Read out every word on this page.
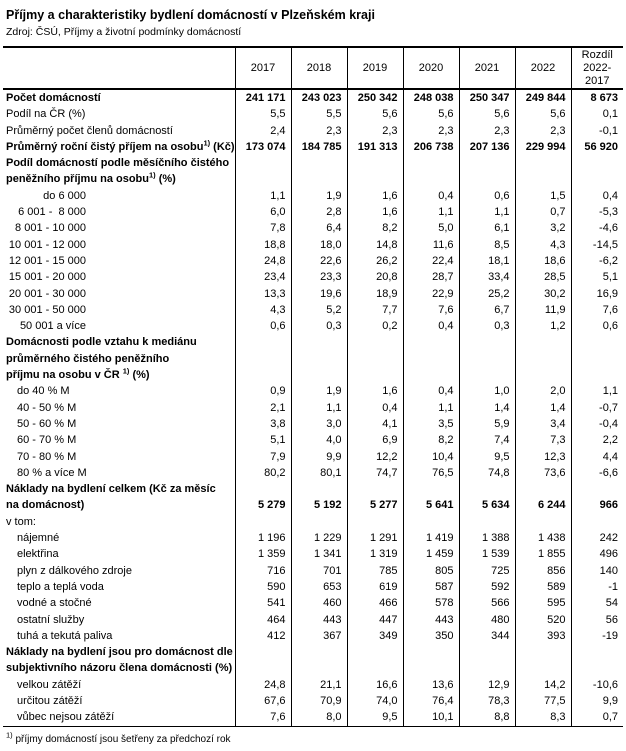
Příjmy a charakteristiky bydlení domácností v Plzeňském kraji
Zdroj: ČSÚ, Příjmy a životní podmínky domácností
	2017	2018	2019	2020	2021	2022	Rozdíl
2022-2017

Počet domácností	241 171	243 023	250 342	248 038	250 347	249 844	8 673
Podíl na ČR (%)	5,5	5,5	5,6	5,6	5,6	5,6	0,1
Průměrný počet členů domácností	2,4	2,3	2,3	2,3	2,3	2,3	-0,1
Průměrný roční čistý příjem na osobu$^{1)}$ (Kč)	173 074	184 785	191 313	206 738	207 136	229 994	56 920
Podíl domácností podle měsíčního čistého							
peněžního příjmu na osobu$^{1)}$ (%)							
do 6 000	1,1	1,9	1,6	0,4	0,6	1,5	0,4
6 001 -  8 000	6,0	2,8	1,6	1,1	1,1	0,7	-5,3
8 001 - 10 000	7,8	6,4	8,2	5,0	6,1	3,2	-4,6
10 001 - 12 000	18,8	18,0	14,8	11,6	8,5	4,3	-14,5
12 001 - 15 000	24,8	22,6	26,2	22,4	18,1	18,6	-6,2
15 001 - 20 000	23,4	23,3	20,8	28,7	33,4	28,5	5,1
20 001 - 30 000	13,3	19,6	18,9	22,9	25,2	30,2	16,9
30 001 - 50 000	4,3	5,2	7,7	7,6	6,7	11,9	7,6
50 001 a více	0,6	0,3	0,2	0,4	0,3	1,2	0,6
Domácnosti podle vztahu k mediánu							
průměrného čistého peněžního							
příjmu na osobu v ČR $^{1)}$ (%)							
do 40 % M	0,9	1,9	1,6	0,4	1,0	2,0	1,1
40 - 50 % M	2,1	1,1	0,4	1,1	1,4	1,4	-0,7
50 - 60 % M	3,8	3,0	4,1	3,5	5,9	3,4	-0,4
60 - 70 % M	5,1	4,0	6,9	8,2	7,4	7,3	2,2
70 - 80 % M	7,9	9,9	12,2	10,4	9,5	12,3	4,4
80 % a více M	80,2	80,1	74,7	76,5	74,8	73,6	-6,6
Náklady na bydlení celkem (Kč za měsíc							
na domácnost)	5 279	5 192	5 277	5 641	5 634	6 244	966
v tom:							
nájemné	1 196	1 229	1 291	1 419	1 388	1 438	242
elektřina	1 359	1 341	1 319	1 459	1 539	1 855	496
plyn z dálkového zdroje	716	701	785	805	725	856	140
teplo a teplá voda	590	653	619	587	592	589	-1
vodné a stočné	541	460	466	578	566	595	54
ostatní služby	464	443	447	443	480	520	56
tuhá a tekutá paliva	412	367	349	350	344	393	-19
Náklady na bydlení jsou pro domácnost dle							
subjektivního názoru člena domácnosti (%)							
velkou zátěží	24,8	21,1	16,6	13,6	12,9	14,2	-10,6
určitou zátěží	67,6	70,9	74,0	76,4	78,3	77,5	9,9
vůbec nejsou zátěží	7,6	8,0	9,5	10,1	8,8	8,3	0,7
$^{1)}$ příjmy domácností jsou šetřeny za předchozí rok
